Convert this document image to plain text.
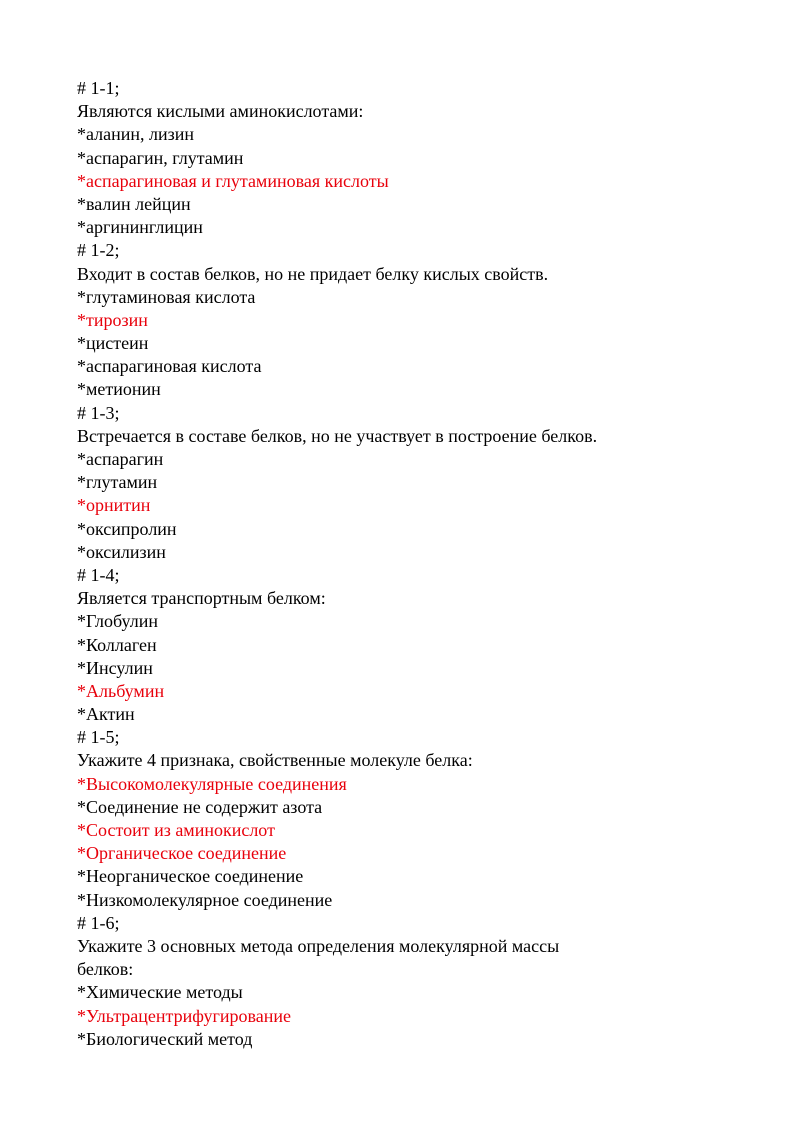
# 1-1;
Являются кислыми аминокислотами:
*аланин, лизин
*аспарагин, глутамин
*аспарагиновая и глутаминовая кислоты
*валин лейцин
*аргининглицин
# 1-2;
Входит в состав белков, но не придает белку кислых свойств.
*глутаминовая кислота
*тирозин
*цистеин
*аспарагиновая кислота
*метионин
# 1-3;
Встречается в составе белков, но не участвует в построение белков.
*аспарагин
*глутамин
*орнитин
*оксипролин
*оксилизин
# 1-4;
Является транспортным белком:
*Глобулин
*Коллаген
*Инсулин
*Альбумин
*Актин
# 1-5;
Укажите 4 признака, свойственные молекуле белка:
*Высокомолекулярные соединения
*Соединение не содержит азота
*Состоит из аминокислот
*Органическое соединение
*Неорганическое соединение
*Низкомолекулярное соединение
# 1-6;
Укажите 3 основных метода определения молекулярной массы
белков:
*Химические методы
*Ультрацентрифугирование
*Биологический метод
